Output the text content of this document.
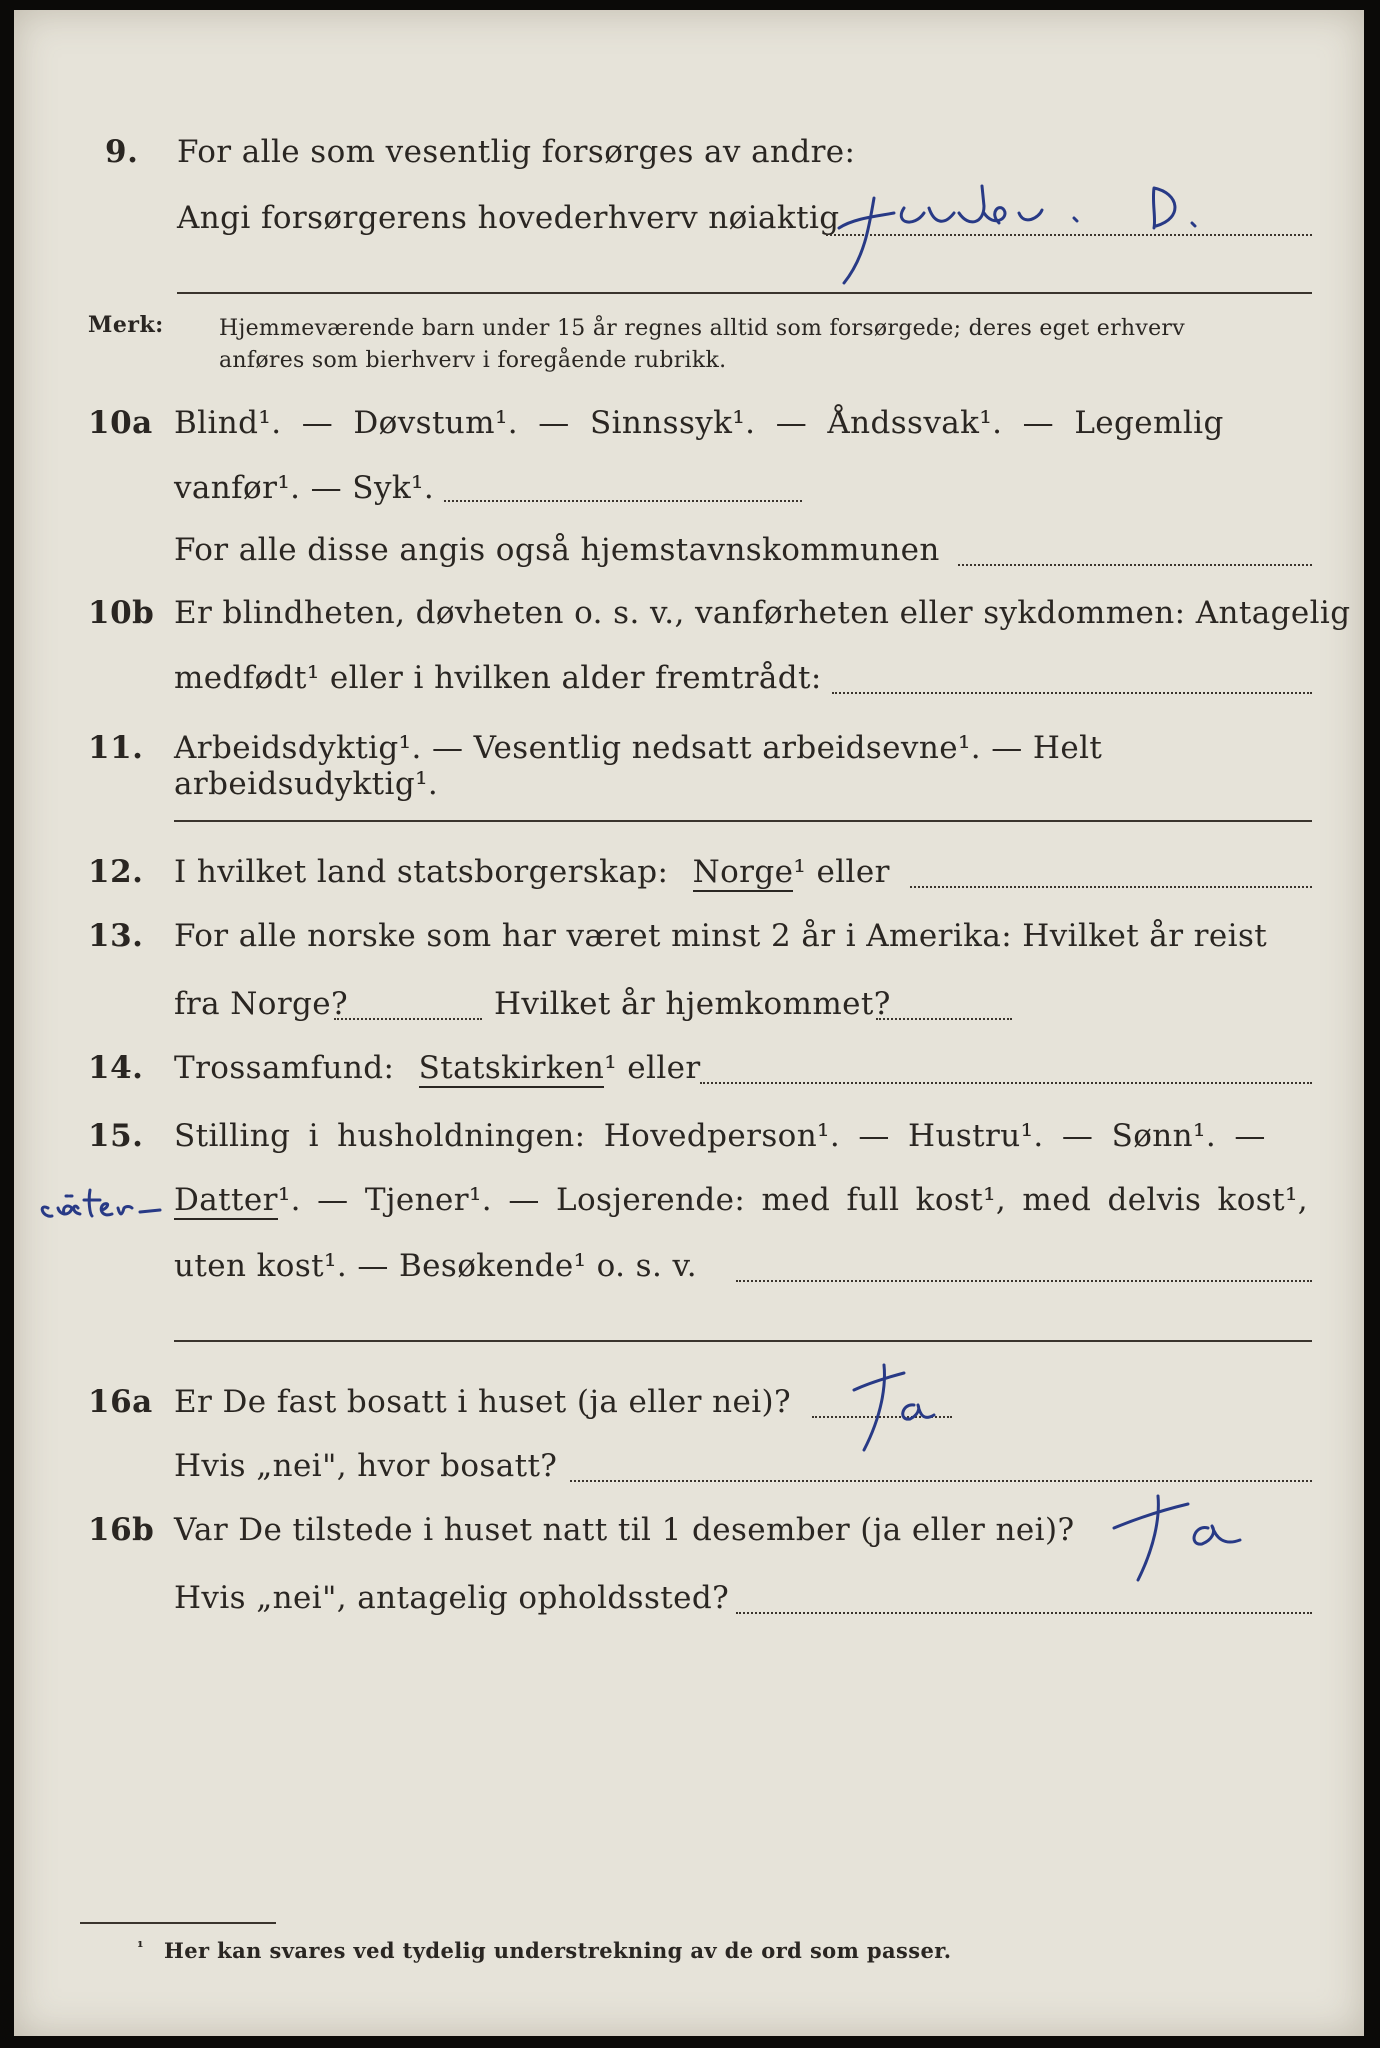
9. For alle som vesentlig forsørges av andre:
Angi forsørgerens hovederhverv nøiaktig
Merk:	Hjemmeværende barn under 15 år regnes alltid som forsørgede; deres eget erhverv
anføres som bierhverv i foregående rubrikk.
10a Blind¹. — Døvstum¹. — Sinnssyk¹. — Åndssvak¹. — Legemlig
vanfør¹. — Syk¹.
For alle disse angis også hjemstavnskommunen
10b Er blindheten, døvheten o. s. v., vanførheten eller sykdommen: Antagelig
medfødt¹ eller i hvilken alder fremtrådt:
11. Arbeidsdyktig¹. — Vesentlig nedsatt arbeidsevne¹. — Helt arbeidsudyktig¹.
12. I hvilket land statsborgerskap: Norge¹ eller
13. For alle norske som har været minst 2 år i Amerika: Hvilket år reist
fra Norge?	Hvilket år hjemkommet?
14. Trossamfund: Statskirken¹ eller
15. Stilling i husholdningen: Hovedperson¹. — Hustru¹. — Sønn¹. —
Datter¹. — Tjener¹. — Losjerende: med full kost¹, med delvis kost¹,
uten kost¹. — Besøkende¹ o. s. v.
16a Er De fast bosatt i huset (ja eller nei)?
Hvis „nei", hvor bosatt?
16b Var De tilstede i huset natt til 1 desember (ja eller nei)?
Hvis „nei", antagelig opholdssted?
¹ Her kan svares ved tydelig understrekning av de ord som passer.
